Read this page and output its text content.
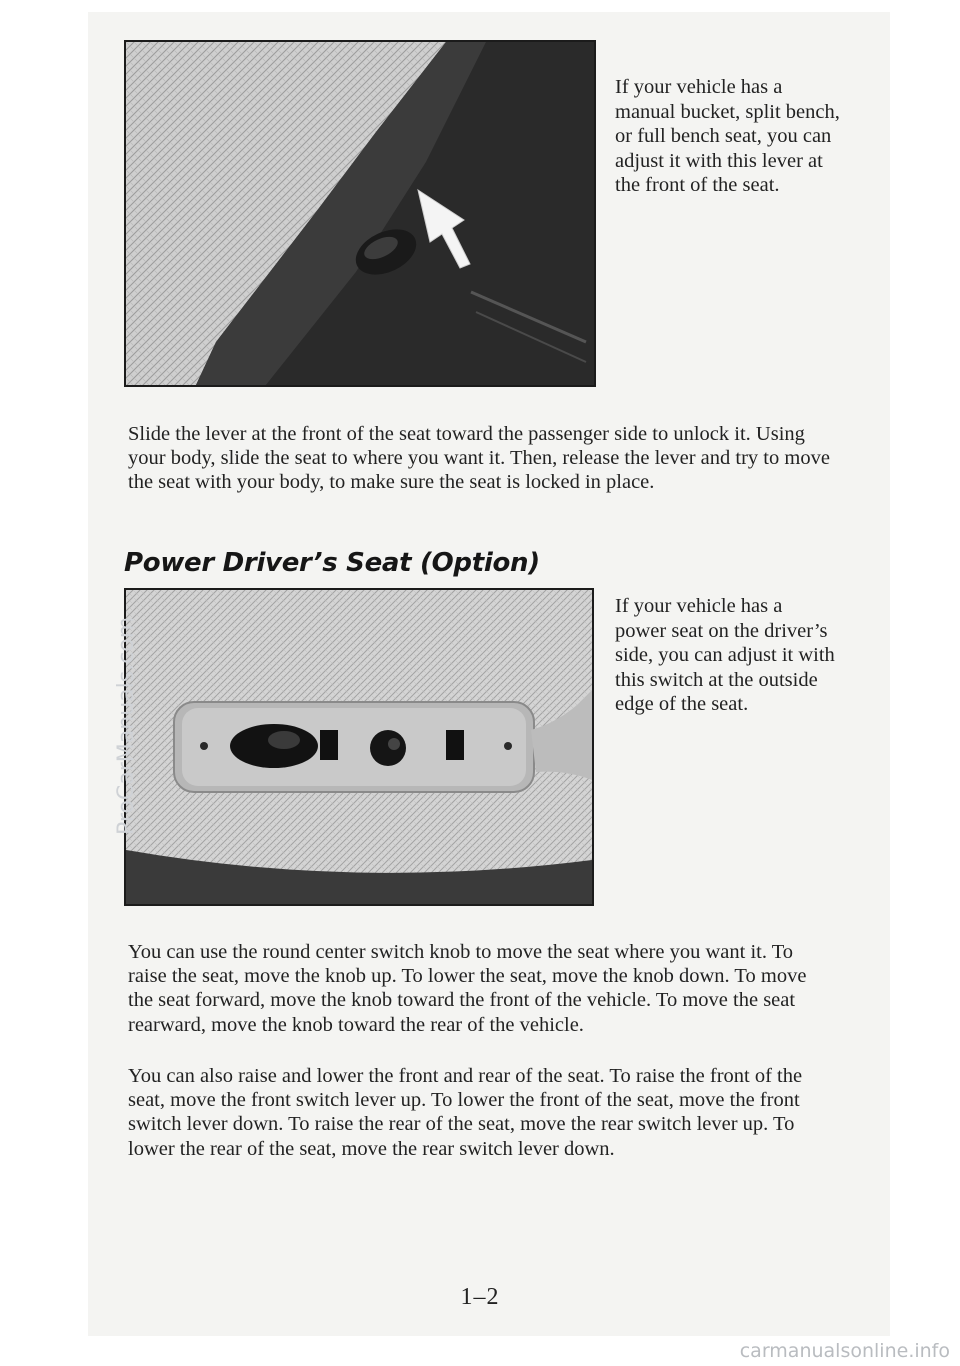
If your vehicle has a manual bucket, split bench, or full bench seat, you can adjust it with this lever at the front of the seat.

Slide the lever at the front of the seat toward the passenger side to unlock it. Using your body, slide the seat to where you want it. Then, release the lever and try to move the seat with your body, to make sure the seat is locked in place.

Power Driver’s Seat (Option)
If your vehicle has a power seat on the driver’s side, you can adjust it with this switch at the outside edge of the seat.

You can use the round center switch knob to move the seat where you want it. To raise the seat, move the knob up. To lower the seat, move the knob down. To move the seat forward, move the knob toward the front of the vehicle. To move the seat rearward, move the knob toward the rear of the vehicle.

You can also raise and lower the front and rear of the seat. To raise the front of the seat, move the front switch lever up. To lower the front of the seat, move the front switch lever down. To raise the rear of the seat, move the rear switch lever up. To lower the rear of the seat, move the rear switch lever down.

1–2
ProCarManuals.com
carmanualsonline.info
